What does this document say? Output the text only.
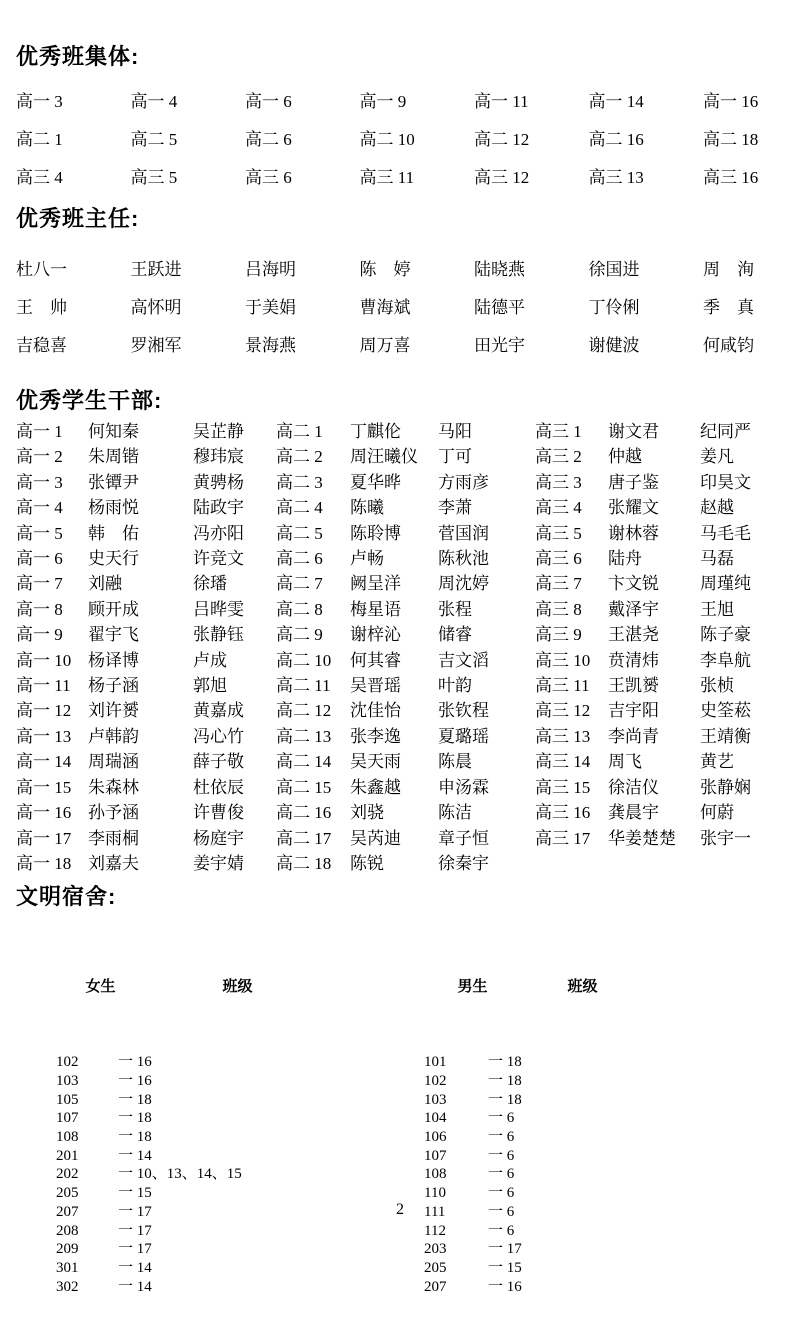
优秀班集体:
高一 3	高一 4	高一 6	高一 9	高一 11	高一 14	高一 16
高二 1	高二 5	高二 6	高二 10	高二 12	高二 16	高二 18
高三 4	高三 5	高三 6	高三 11	高三 12	高三 13	高三 16
优秀班主任:
杜八一	王跃进	吕海明	陈　婷	陆晓燕	徐国进	周　洵
王　帅	高怀明	于美娟	曹海斌	陆德平	丁伶俐	季　真
吉稳喜	罗湘军	景海燕	周万喜	田光宇	谢健波	何咸钧
优秀学生干部:
高一 1	何知秦	吴芷静	高二 1	丁麒伦	马阳	高三 1	谢文君	纪同严
高一 2	朱周锴	穆玮宸	高二 2	周汪曦仪	丁可	高三 2	仲越	姜凡
高一 3	张镡尹	黄骋杨	高二 3	夏华晔	方雨彦	高三 3	唐子鉴	印昊文
高一 4	杨雨悦	陆政宇	高二 4	陈曦	李萧	高三 4	张耀文	赵越
高一 5	韩　佑	冯亦阳	高二 5	陈聆博	菅国润	高三 5	谢林蓉	马毛毛
高一 6	史天行	许竞文	高二 6	卢畅	陈秋池	高三 6	陆舟	马磊
高一 7	刘融	徐璠	高二 7	阙呈洋	周沈婷	高三 7	卞文锐	周瑾纯
高一 8	顾开成	吕晔雯	高二 8	梅星语	张程	高三 8	戴泽宇	王旭
高一 9	翟宇飞	张静钰	高二 9	谢梓沁	储睿	高三 9	王湛尧	陈子豪
高一 10 杨译博	卢成	高二 10	何其睿	吉文滔	高三 10	贲清炜	李阜航
高一 11	杨子涵	郭旭	高二 11	吴晋瑶	叶韵	高三 11	王凯赟	张桢
高一 12 刘许赟	黄嘉成	高二 12	沈佳怡	张钦程	高三 12	吉宇阳	史筌菘
高一 13 卢韩韵	冯心竹	高二 13	张李逸	夏璐瑶	高三 13	李尚青	王靖衡
高一 14 周瑞涵	薛子敬	高二 14	吴天雨	陈晨	高三 14	周飞	黄艺
高一 15 朱森林	杜依辰	高二 15	朱鑫越	申汤霖	高三 15	徐洁仪	张静娴
高一 16 孙予涵	许曹俊	高二 16	刘骁	陈洁	高三 16	龚晨宇	何蔚
高一 17 李雨桐	杨庭宇	高二 17	吴芮迪	章子恒	高三 17	华姜楚楚	张宇一
高一 18 刘嘉夫	姜宇婧	高二 18	陈锐	徐秦宇
文明宿舍:

女生	班级

102	一 16
103	一 16
105	一 18
107	一 18
108	一 18
201	一 14
202	一 10、13、14、15
205	一 15
207	一 17
208	一 17
209	一 17
301	一 14
302	一 14

男生	班级

101	一 18
102	一 18
103	一 18
104	一 6
106	一 6
107	一 6
108	一 6
110	一 6
111	一 6
112	一 6
203	一 17
205	一 15
207	一 16

2
